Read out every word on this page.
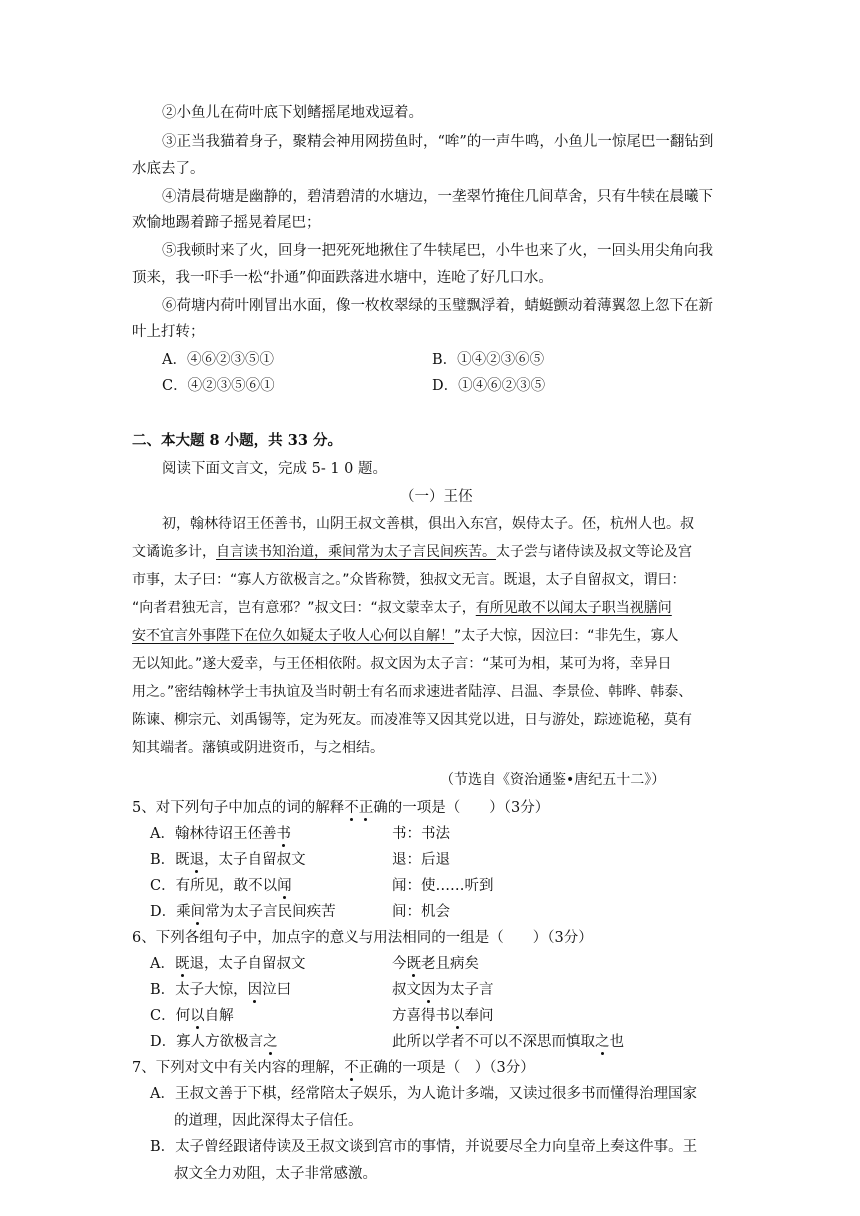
②小鱼儿在荷叶底下划鳍摇尾地戏逗着。
③正当我猫着身子，聚精会神用网捞鱼时，“哞”的一声牛鸣，小鱼儿一惊尾巴一翻钻到
水底去了。
④清晨荷塘是幽静的，碧清碧清的水塘边，一垄翠竹掩住几间草舍，只有牛犊在晨曦下
欢愉地踢着蹄子摇晃着尾巴；
⑤我顿时来了火，回身一把死死地揪住了牛犊尾巴，小牛也来了火，一回头用尖角向我
顶来，我一吓手一松“扑通”仰面跌落进水塘中，连呛了好几口水。
⑥荷塘内荷叶刚冒出水面，像一枚枚翠绿的玉璧飘浮着，蜻蜓颤动着薄翼忽上忽下在新
叶上打转；
A．④⑥②③⑤①	B．①④②③⑥⑤
C．④②③⑤⑥①	D．①④⑥②③⑤
二、本大题 8 小题，共 33 分。
阅读下面文言文，完成 5- 1 0 题。
（一）王伾
初，翰林待诏王伾善书，山阴王叔文善棋，俱出入东宫，娱侍太子。伾，杭州人也。叔
文谲诡多计，自言读书知治道，乘间常为太子言民间疾苦。太子尝与诸侍读及叔文等论及宫
市事，太子曰：“寡人方欲极言之。”众皆称赞，独叔文无言。既退，太子自留叔文，谓曰：
“向者君独无言，岂有意邪？”叔文曰：“叔文蒙幸太子，有所见敢不以闻太子职当视膳问
安不宜言外事陛下在位久如疑太子收人心何以自解！”太子大惊，因泣曰：“非先生，寡人
无以知此。”遂大爱幸，与王伾相依附。叔文因为太子言：“某可为相，某可为将，幸异日
用之。”密结翰林学士韦执谊及当时朝士有名而求速进者陆淳、吕温、李景俭、韩晔、韩泰、
陈谏、柳宗元、刘禹锡等，定为死友。而凌准等又因其党以进，日与游处，踪迹诡秘，莫有
知其端者。藩镇或阴进资币，与之相结。
（节选自《资治通鉴•唐纪五十二》）
5、对下列句子中加点的词的解释不正确的一项是（　　）（3分）
A．翰林待诏王伾善书	书：书法
B．既退，太子自留叔文	退：后退
C．有所见，敢不以闻	闻：使……听到
D．乘间常为太子言民间疾苦	间：机会
6、下列各组句子中，加点字的意义与用法相同的一组是（　　）（3分）
A．既退，太子自留叔文	今既老且病矣
B．太子大惊，因泣曰	叔文因为太子言
C．何以自解	方喜得书以奉问
D．寡人方欲极言之	此所以学者不可以不深思而慎取之也
7、下列对文中有关内容的理解，不正确的一项是（　）（3分）
A．王叔文善于下棋，经常陪太子娱乐，为人诡计多端，又读过很多书而懂得治理国家
的道理，因此深得太子信任。
B．太子曾经跟诸侍读及王叔文谈到宫市的事情，并说要尽全力向皇帝上奏这件事。王
叔文全力劝阻，太子非常感激。
